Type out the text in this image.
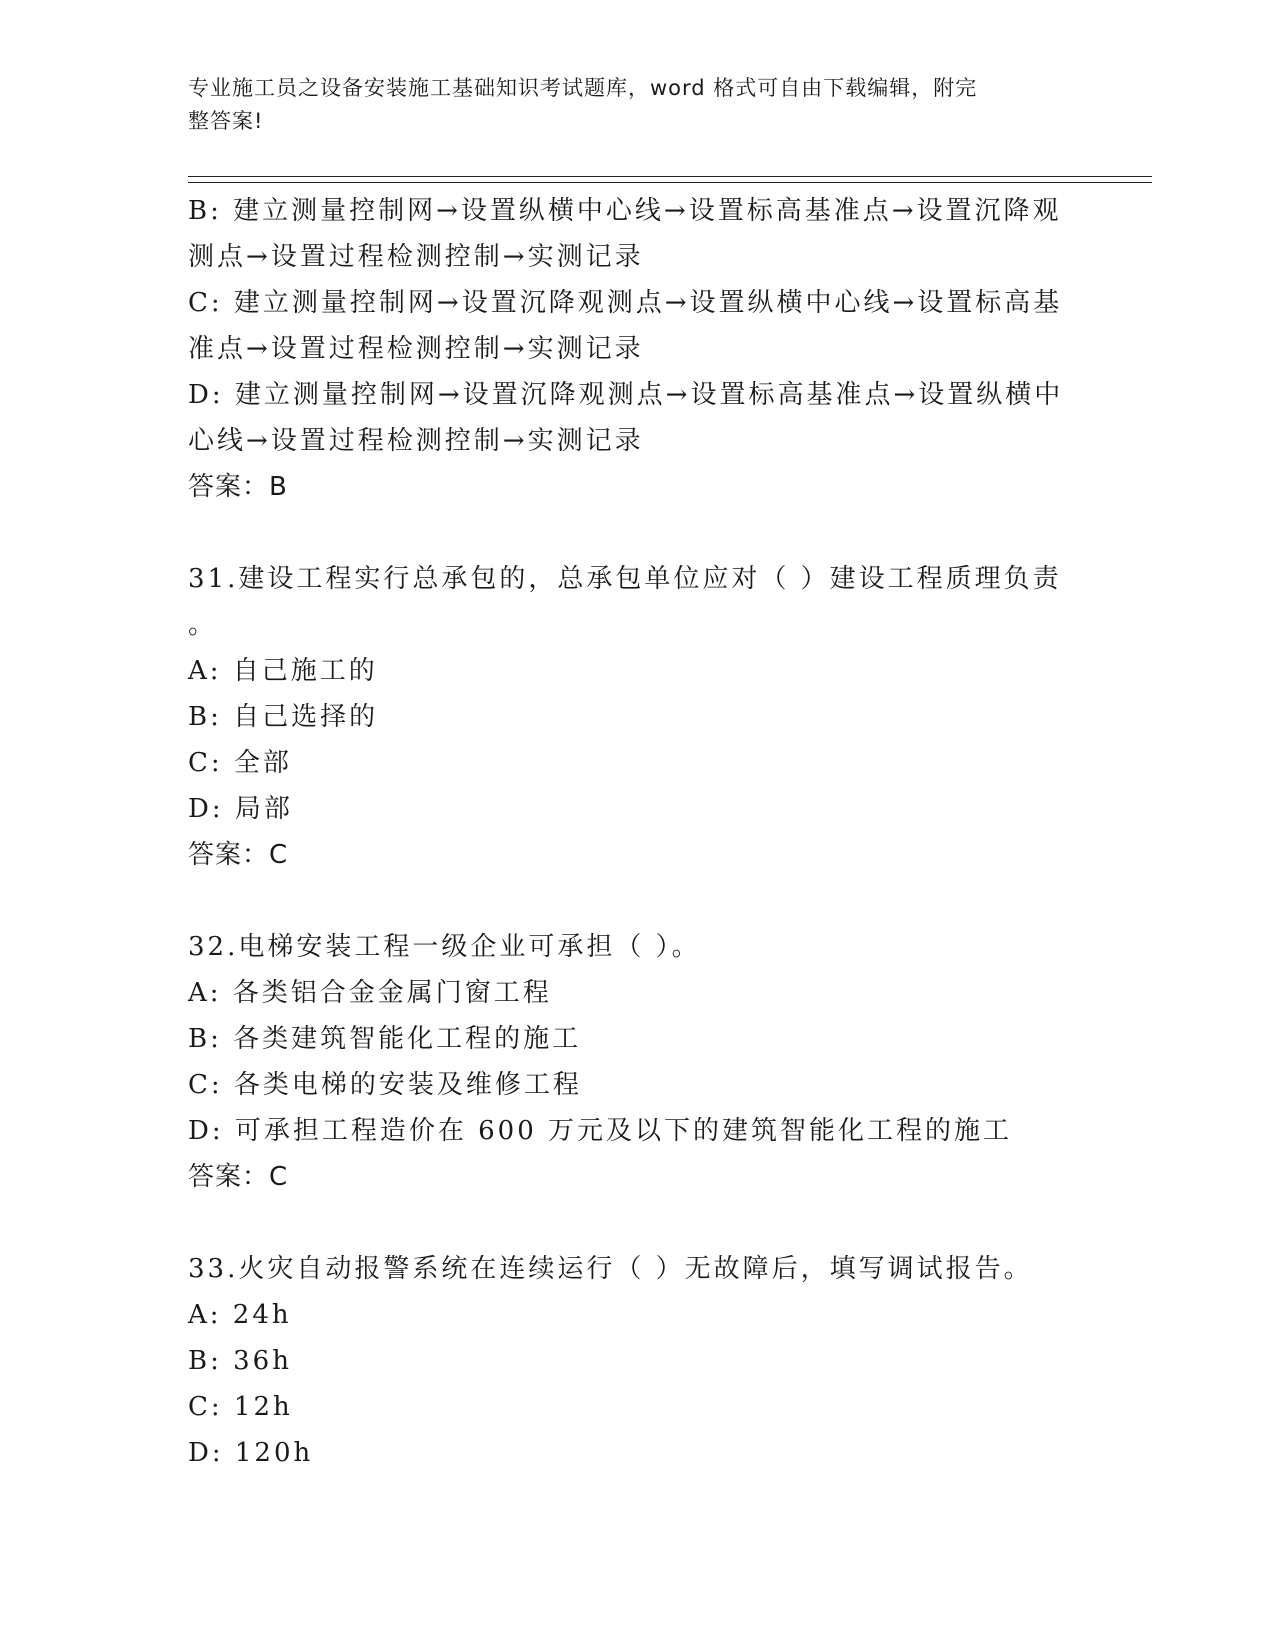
专业施工员之设备安装施工基础知识考试题库，word 格式可自由下载编辑，附完
整答案!
B: 建立测量控制网→设置纵横中心线→设置标高基准点→设置沉降观
测点→设置过程检测控制→实测记录
C: 建立测量控制网→设置沉降观测点→设置纵横中心线→设置标高基
准点→设置过程检测控制→实测记录
D: 建立测量控制网→设置沉降观测点→设置标高基准点→设置纵横中
心线→设置过程检测控制→实测记录
答案：B
31.建设工程实行总承包的，总承包单位应对（ ）建设工程质理负责
。
A: 自己施工的
B: 自己选择的
C: 全部
D: 局部
答案：C
32.电梯安装工程一级企业可承担（ ）。
A: 各类铝合金金属门窗工程
B: 各类建筑智能化工程的施工
C: 各类电梯的安装及维修工程
D: 可承担工程造价在 600 万元及以下的建筑智能化工程的施工
答案：C
33.火灾自动报警系统在连续运行（ ）无故障后，填写调试报告。
A: 24h
B: 36h
C: 12h
D: 120h
